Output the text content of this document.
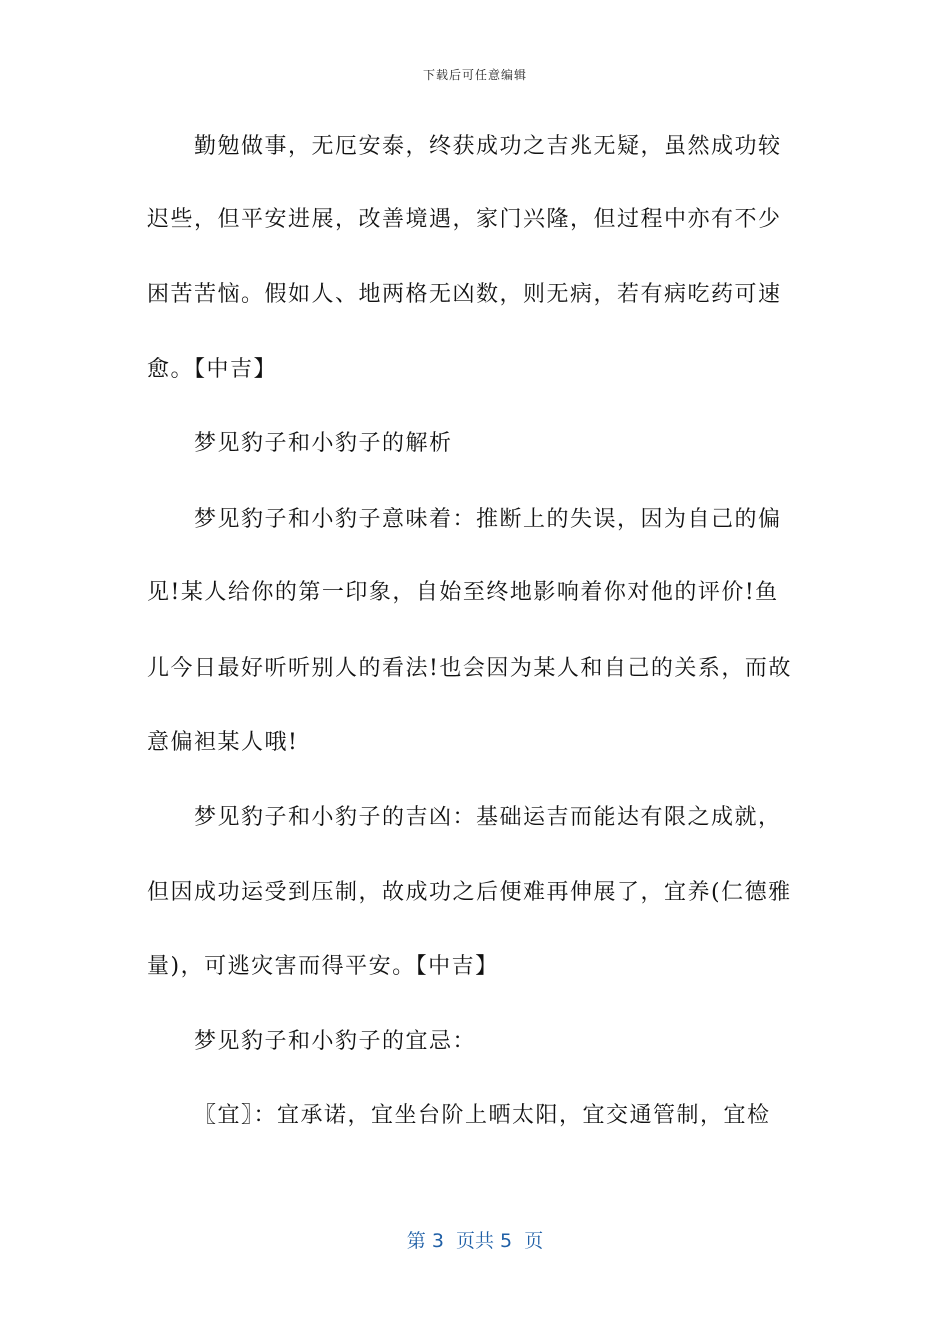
下载后可任意编辑
勤勉做事，无厄安泰，终获成功之吉兆无疑，虽然成功较
迟些，但平安进展，改善境遇，家门兴隆，但过程中亦有不少
困苦苦恼。假如人、地两格无凶数，则无病，若有病吃药可速
愈。【中吉】
梦见豹子和小豹子的解析
梦见豹子和小豹子意味着：推断上的失误，因为自己的偏
见!某人给你的第一印象，自始至终地影响着你对他的评价!鱼
儿今日最好听听别人的看法!也会因为某人和自己的关系，而故
意偏袒某人哦!
梦见豹子和小豹子的吉凶：基础运吉而能达有限之成就，
但因成功运受到压制，故成功之后便难再伸展了，宜养(仁德雅
量)，可逃灾害而得平安。【中吉】
梦见豹子和小豹子的宜忌：
〖宜〗：宜承诺，宜坐台阶上晒太阳，宜交通管制，宜检
第 3  页共 5  页
